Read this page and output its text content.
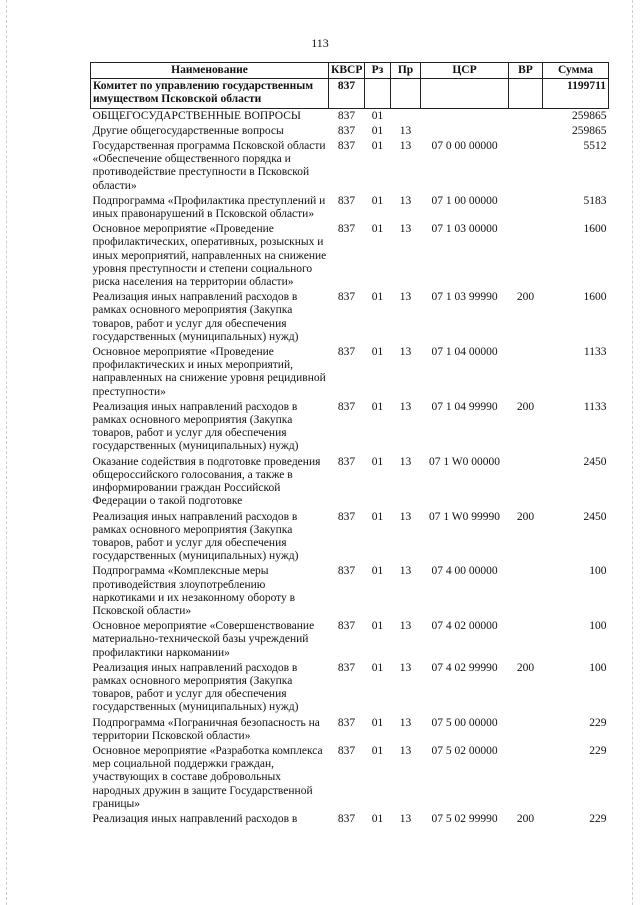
113
Наименование	КВСР	Рз	Пр	ЦСР	ВР	Сумма
Комитет по управлению государственным имуществом Псковской области	837					1199711
ОБЩЕГОСУДАРСТВЕННЫЕ ВОПРОСЫ	837	01				259865
Другие общегосударственные вопросы	837	01	13			259865
Государственная программа Псковской области «Обеспечение общественного порядка и противодействие преступности в Псковской области»	837	01	13	07 0 00 00000		5512
Подпрограмма «Профилактика преступлений и иных правонарушений в Псковской области»	837	01	13	07 1 00 00000		5183
Основное мероприятие «Проведение профилактических, оперативных, розыскных и иных мероприятий, направленных на снижение уровня преступности и степени социального риска населения на территории области»	837	01	13	07 1 03 00000		1600
Реализация иных направлений расходов в рамках основного мероприятия (Закупка товаров, работ и услуг для обеспечения государственных (муниципальных) нужд)	837	01	13	07 1 03 99990	200	1600
Основное мероприятие «Проведение профилактических и иных мероприятий, направленных на снижение уровня рецидивной преступности»	837	01	13	07 1 04 00000		1133
Реализация иных направлений расходов в рамках основного мероприятия (Закупка товаров, работ и услуг для обеспечения государственных (муниципальных) нужд)	837	01	13	07 1 04 99990	200	1133
Оказание содействия в подготовке проведения общероссийского голосования, а также в информировании граждан Российской Федерации о такой подготовке	837	01	13	07 1 W0 00000		2450
Реализация иных направлений расходов в рамках основного мероприятия (Закупка товаров, работ и услуг для обеспечения государственных (муниципальных) нужд)	837	01	13	07 1 W0 99990	200	2450
Подпрограмма «Комплексные меры противодействия злоупотреблению наркотиками и их незаконному обороту в Псковской области»	837	01	13	07 4 00 00000		100
Основное мероприятие «Совершенствование материально-технической базы учреждений профилактики наркомании»	837	01	13	07 4 02 00000		100
Реализация иных направлений расходов в рамках основного мероприятия (Закупка товаров, работ и услуг для обеспечения государственных (муниципальных) нужд)	837	01	13	07 4 02 99990	200	100
Подпрограмма «Пограничная безопасность на территории Псковской области»	837	01	13	07 5 00 00000		229
Основное мероприятие «Разработка комплекса мер социальной поддержки граждан, участвующих в составе добровольных народных дружин в защите Государственной границы»	837	01	13	07 5 02 00000		229
Реализация иных направлений расходов в	837	01	13	07 5 02 99990	200	229
